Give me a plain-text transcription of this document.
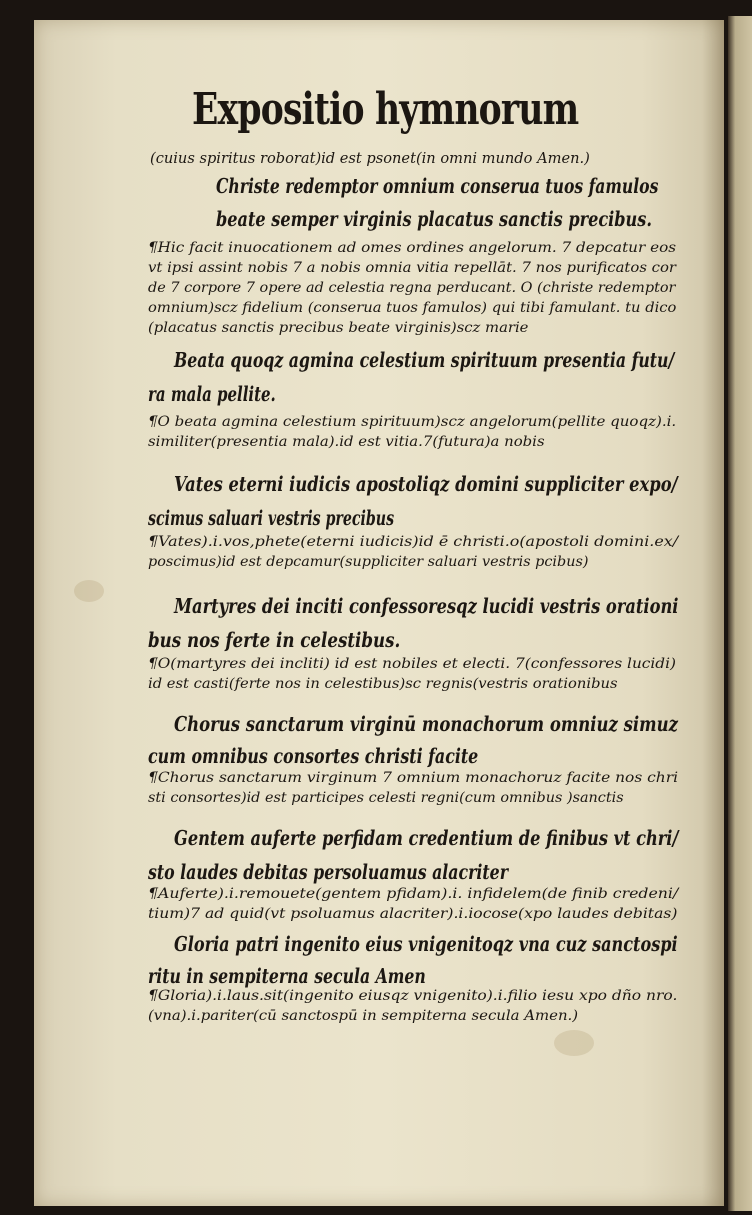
Expositio hymnorum
(cuius spiritus roborat)id est psonet(in omni mundo Amen.)
Christe redemptor omnium conserua tuos famulos
beate semper virginis placatus sanctis precibus.
¶Hic facit inuocationem ad omes ordines angelorum. 7 depcatur eos
vt ipsi assint nobis 7 a nobis omnia vitia repellāt. 7 nos purificatos cor
de 7 corpore 7 opere ad celestia regna perducant. O (christe redemptor
omnium)scz fidelium (conserua tuos famulos) qui tibi famulant. tu dico
(placatus sanctis precibus beate virginis)scz marie
Beata quoqz agmina celestium spirituum presentia futu/
ra mala pellite.
¶O beata agmina celestium spirituum)scz angelorum(pellite quoqz).i.
similiter(presentia mala).id est vitia.7(futura)a nobis
Vates eterni iudicis apostoliqz domini suppliciter expo/
scimus saluari vestris precibus
¶Vates).i.vos,phete(eterni iudicis)id ē christi.o(apostoli domini.ex/
poscimus)id est depcamur(suppliciter saluari vestris pcibus)
Martyres dei inciti confessoresqz lucidi vestris orationi
bus nos ferte in celestibus.
¶O(martyres dei incliti) id est nobiles et electi. 7(confessores lucidi)
id est casti(ferte nos in celestibus)sc regnis(vestris orationibus
Chorus sanctarum virginū monachorum omniuz simuz
cum omnibus consortes christi facite
¶Chorus sanctarum virginum 7 omnium monachoruz facite nos chri
sti consortes)id est participes celesti regni(cum omnibus )sanctis
Gentem auferte perfidam credentium de finibus vt chri/
sto laudes debitas persoluamus alacriter
¶Auferte).i.remouete(gentem pfidam).i. infidelem(de finib credeni/
tium)7 ad quid(vt psoluamus alacriter).i.iocose(xpo laudes debitas)
Gloria patri ingenito eius vnigenitoqz vna cuz sanctospi
ritu in sempiterna secula Amen
¶Gloria).i.laus.sit(ingenito eiusqz vnigenito).i.filio iesu xpo dño nro.
(vna).i.pariter(cū sanctospū in sempiterna secula Amen.)
